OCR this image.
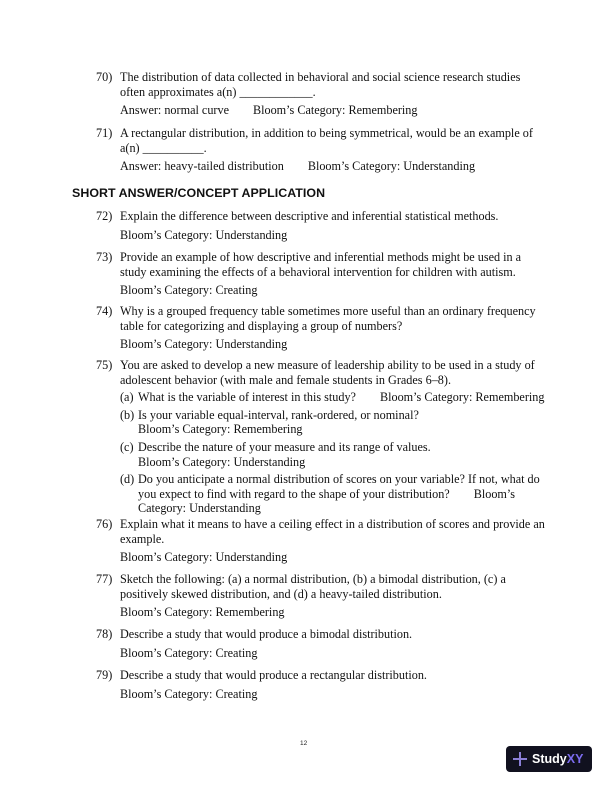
70) The distribution of data collected in behavioral and social science research studies
often approximates a(n) ____________.
Answer: normal curve Bloom’s Category: Remembering
71) A rectangular distribution, in addition to being symmetrical, would be an example of
a(n) __________.
Answer: heavy-tailed distribution Bloom’s Category: Understanding
SHORT ANSWER/CONCEPT APPLICATION
72) Explain the difference between descriptive and inferential statistical methods.
Bloom’s Category: Understanding
73) Provide an example of how descriptive and inferential methods might be used in a
study examining the effects of a behavioral intervention for children with autism.
Bloom’s Category: Creating
74) Why is a grouped frequency table sometimes more useful than an ordinary frequency
table for categorizing and displaying a group of numbers?
Bloom’s Category: Understanding
75) You are asked to develop a new measure of leadership ability to be used in a study of
adolescent behavior (with male and female students in Grades 6–8).
(a) What is the variable of interest in this study? Bloom’s Category: Remembering
(b) Is your variable equal-interval, rank-ordered, or nominal?
Bloom’s Category: Remembering
(c) Describe the nature of your measure and its range of values.
Bloom’s Category: Understanding
(d) Do you anticipate a normal distribution of scores on your variable? If not, what do
you expect to find with regard to the shape of your distribution? Bloom’s
Category: Understanding
76) Explain what it means to have a ceiling effect in a distribution of scores and provide an
example.
Bloom’s Category: Understanding
77) Sketch the following: (a) a normal distribution, (b) a bimodal distribution, (c) a
positively skewed distribution, and (d) a heavy-tailed distribution.
Bloom’s Category: Remembering
78) Describe a study that would produce a bimodal distribution.
Bloom’s Category: Creating
79) Describe a study that would produce a rectangular distribution.
Bloom’s Category: Creating
12
StudyXY
